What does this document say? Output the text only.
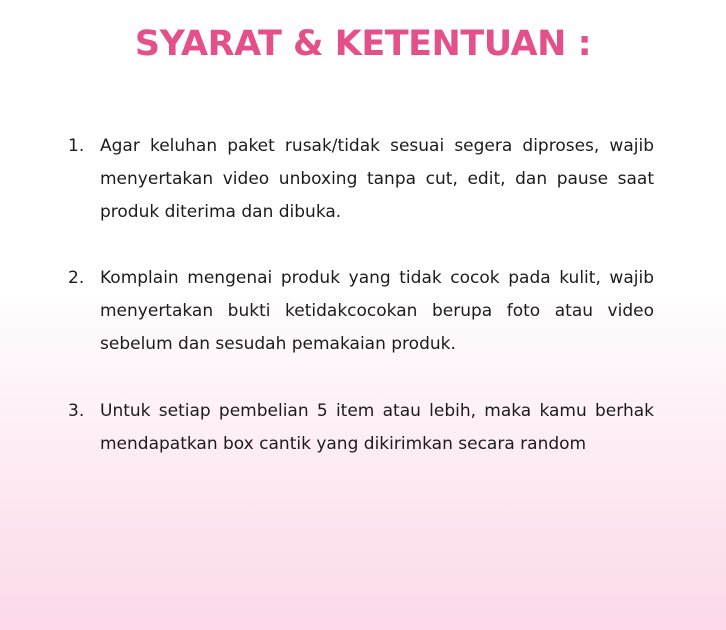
SYARAT & KETENTUAN :
1. Agar keluhan paket rusak/tidak sesuai segera diproses, wajib menyertakan video unboxing tanpa cut, edit, dan pause saat produk diterima dan dibuka.
2. Komplain mengenai produk yang tidak cocok pada kulit, wajib menyertakan bukti ketidakcocokan berupa foto atau video sebelum dan sesudah pemakaian produk.
3. Untuk setiap pembelian 5 item atau lebih, maka kamu berhak mendapatkan box cantik yang dikirimkan secara random
